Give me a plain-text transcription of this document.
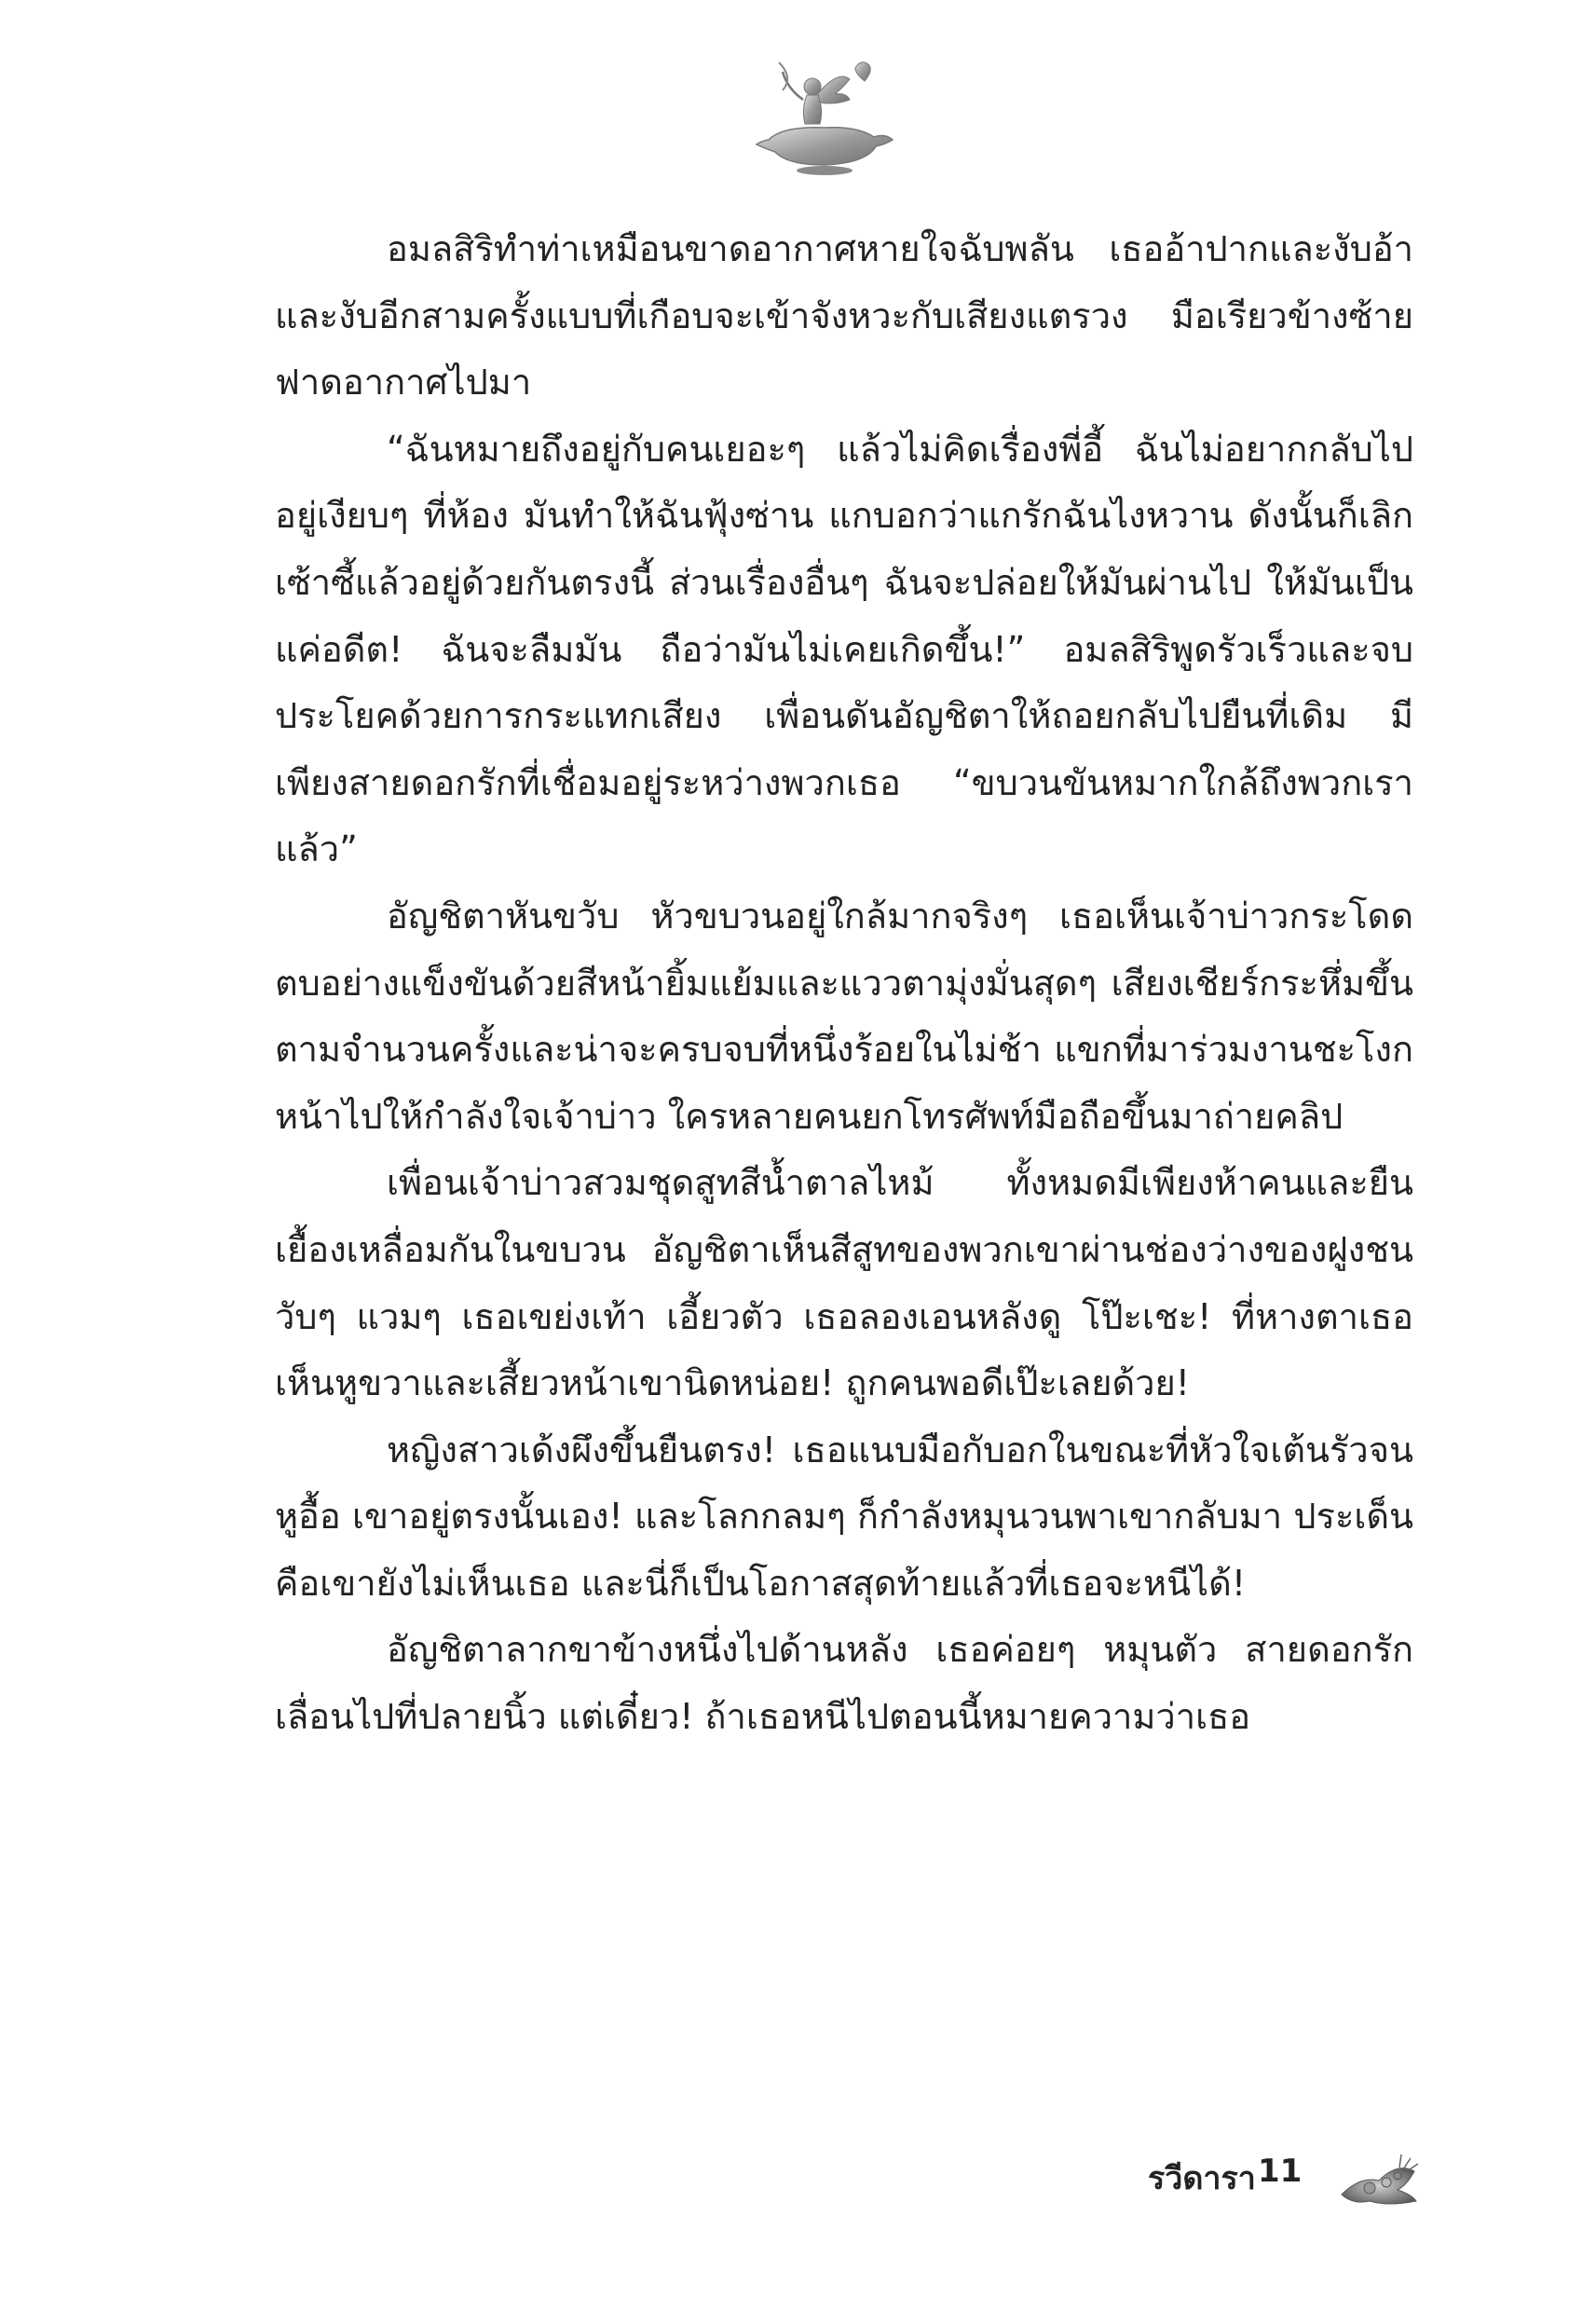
อมลสิริทำท่าเหมือนขาดอากาศหายใจฉับพลัน เธออ้าปากและงับอ้าและงับอีกสามครั้งแบบที่เกือบจะเข้าจังหวะกับเสียงแตรวง มือเรียวข้างซ้ายฟาดอากาศไปมา

“ฉันหมายถึงอยู่กับคนเยอะๆ แล้วไม่คิดเรื่องพี่อี้ ฉันไม่อยากกลับไปอยู่เงียบๆ ที่ห้อง มันทำให้ฉันฟุ้งซ่าน แกบอกว่าแกรักฉันไงหวาน ดังนั้นก็เลิกเซ้าซี้แล้วอยู่ด้วยกันตรงนี้ ส่วนเรื่องอื่นๆ ฉันจะปล่อยให้มันผ่านไป ให้มันเป็นแค่อดีต! ฉันจะลืมมัน ถือว่ามันไม่เคยเกิดขึ้น!” อมลสิริพูดรัวเร็วและจบประโยคด้วยการกระแทกเสียง เพื่อนดันอัญชิตาให้ถอยกลับไปยืนที่เดิม มีเพียงสายดอกรักที่เชื่อมอยู่ระหว่างพวกเธอ “ขบวนขันหมากใกล้ถึงพวกเราแล้ว”

อัญชิตาหันขวับ หัวขบวนอยู่ใกล้มากจริงๆ เธอเห็นเจ้าบ่าวกระโดดตบอย่างแข็งขันด้วยสีหน้ายิ้มแย้มและแววตามุ่งมั่นสุดๆ เสียงเชียร์กระหึ่มขึ้นตามจำนวนครั้งและน่าจะครบจบที่หนึ่งร้อยในไม่ช้า แขกที่มาร่วมงานชะโงกหน้าไปให้กำลังใจเจ้าบ่าว ใครหลายคนยกโทรศัพท์มือถือขึ้นมาถ่ายคลิป

เพื่อนเจ้าบ่าวสวมชุดสูทสีน้ำตาลไหม้ ทั้งหมดมีเพียงห้าคนและยืนเยื้องเหลื่อมกันในขบวน อัญชิตาเห็นสีสูทของพวกเขาผ่านช่องว่างของฝูงชนวับๆ แวมๆ เธอเขย่งเท้า เอี้ยวตัว เธอลองเอนหลังดู โป๊ะเชะ! ที่หางตาเธอเห็นหูขวาและเสี้ยวหน้าเขานิดหน่อย! ถูกคนพอดีเป๊ะเลยด้วย!

หญิงสาวเด้งผึงขึ้นยืนตรง! เธอแนบมือกับอกในขณะที่หัวใจเต้นรัวจนหูอื้อ เขาอยู่ตรงนั้นเอง! และโลกกลมๆ ก็กำลังหมุนวนพาเขากลับมา ประเด็นคือเขายังไม่เห็นเธอ และนี่ก็เป็นโอกาสสุดท้ายแล้วที่เธอจะหนีได้!

อัญชิตาลากขาข้างหนึ่งไปด้านหลัง เธอค่อยๆ หมุนตัว สายดอกรักเลื่อนไปที่ปลายนิ้ว แต่เดี๋ยว! ถ้าเธอหนีไปตอนนี้หมายความว่าเธอ

รวีดารา 11
